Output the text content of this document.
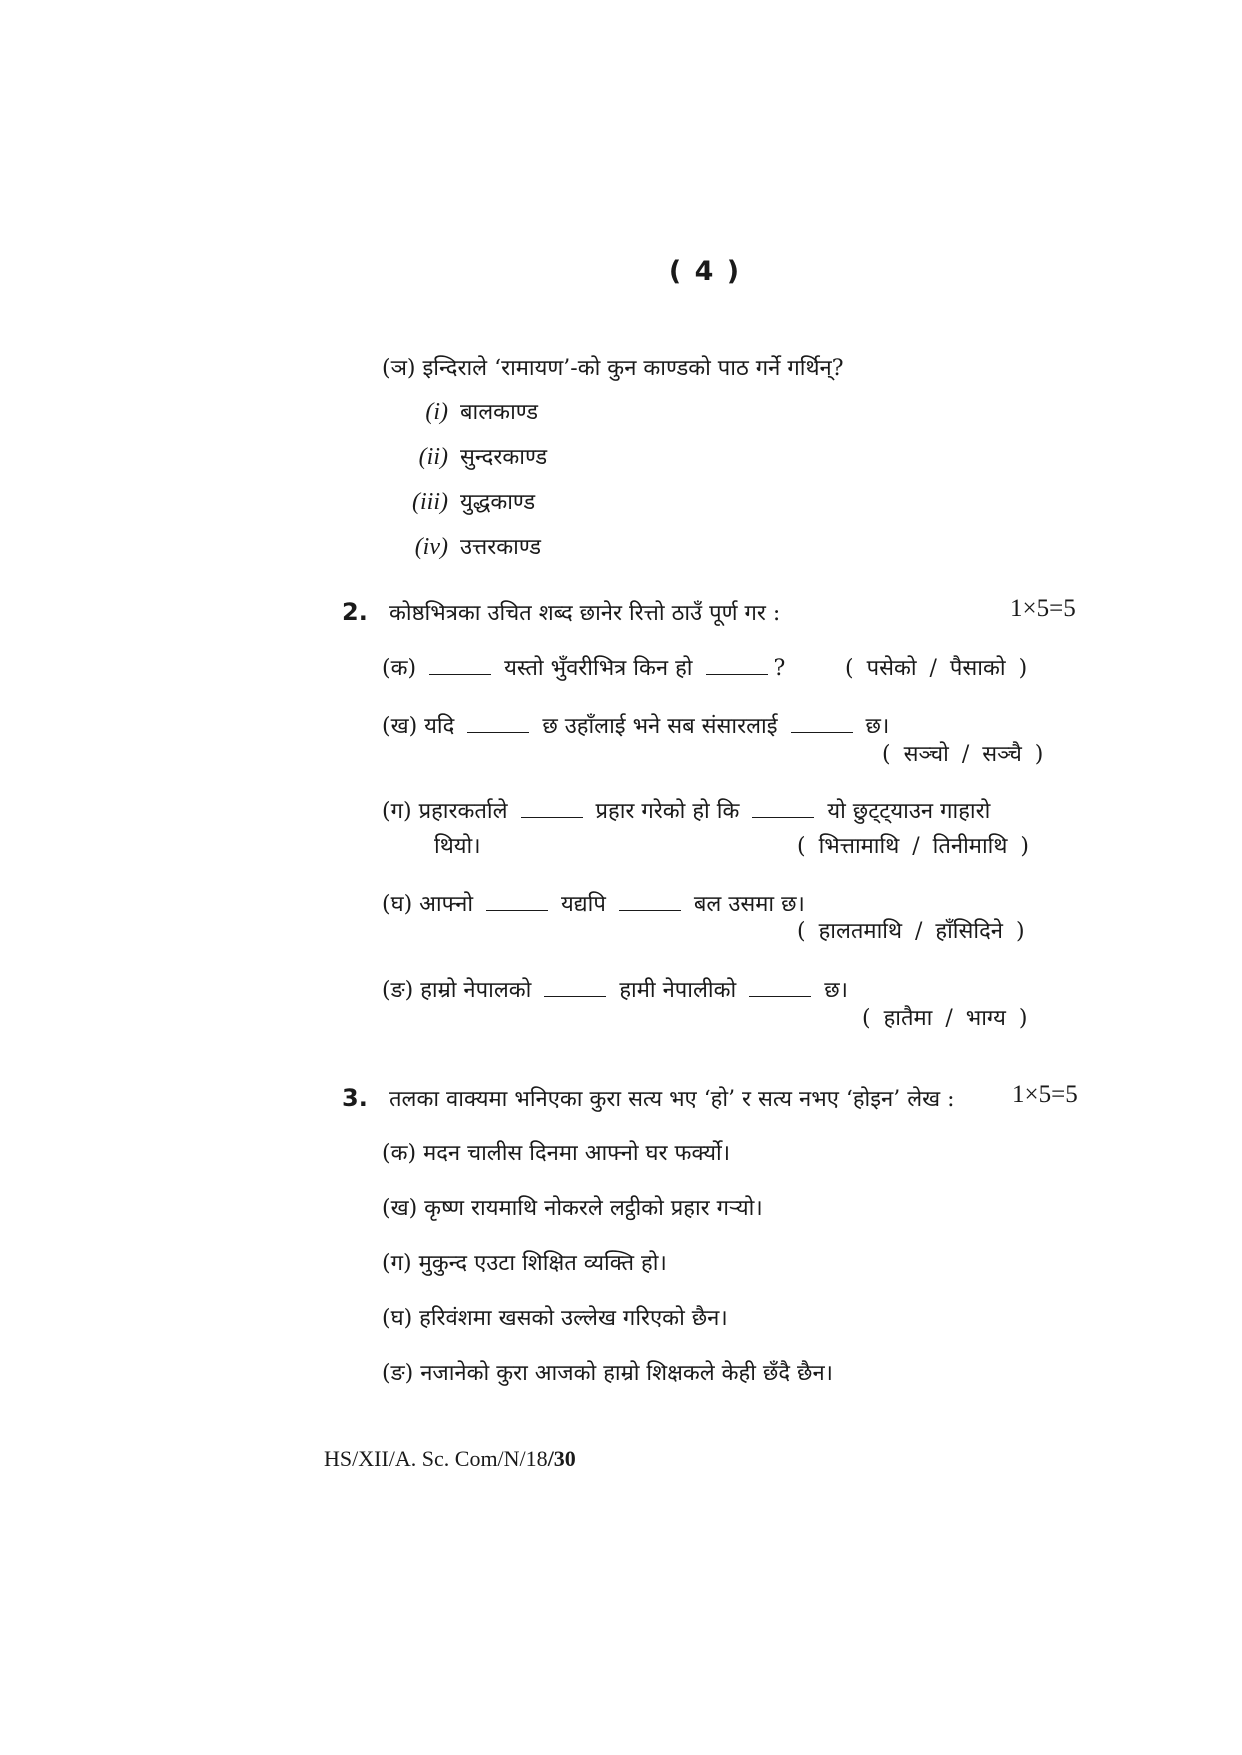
( 4 )
(ञ) इन्दिराले ‘रामायण’-को कुन काण्डको पाठ गर्ने गर्थिन्?
(i) बालकाण्ड
(ii) सुन्दरकाण्ड
(iii) युद्धकाण्ड
(iv) उत्तरकाण्ड
2. कोष्ठभित्रका उचित शब्द छानेर रित्तो ठाउँ पूर्ण गर :	1×5=5
(क)	यस्तो भुँवरीभित्र किन हो	?	( पसेको / पैसाको )
(ख) यदि	छ उहाँलाई भने सब संसारलाई	छ।
( सञ्चो / सञ्चै )
(ग) प्रहारकर्ताले	प्रहार गरेको हो कि	यो छुट्ट्याउन गाहारो
थियो।	( भित्तामाथि / तिनीमाथि )
(घ) आफ्नो	यद्यपि	बल उसमा छ।
( हालतमाथि / हाँसिदिने )
(ङ) हाम्रो नेपालको	हामी नेपालीको	छ।
( हातैमा / भाग्य )
3. तलका वाक्यमा भनिएका कुरा सत्य भए ‘हो’ र सत्य नभए ‘होइन’ लेख : 1×5=5
(क) मदन चालीस दिनमा आफ्नो घर फर्क्यो।
(ख) कृष्ण रायमाथि नोकरले लट्ठीको प्रहार गर्‍यो।
(ग) मुकुन्द एउटा शिक्षित व्यक्ति हो।
(घ) हरिवंशमा खसको उल्लेख गरिएको छैन।
(ङ) नजानेको कुरा आजको हाम्रो शिक्षकले केही छँदै छैन।
HS/XII/A. Sc. Com/N/18/30
